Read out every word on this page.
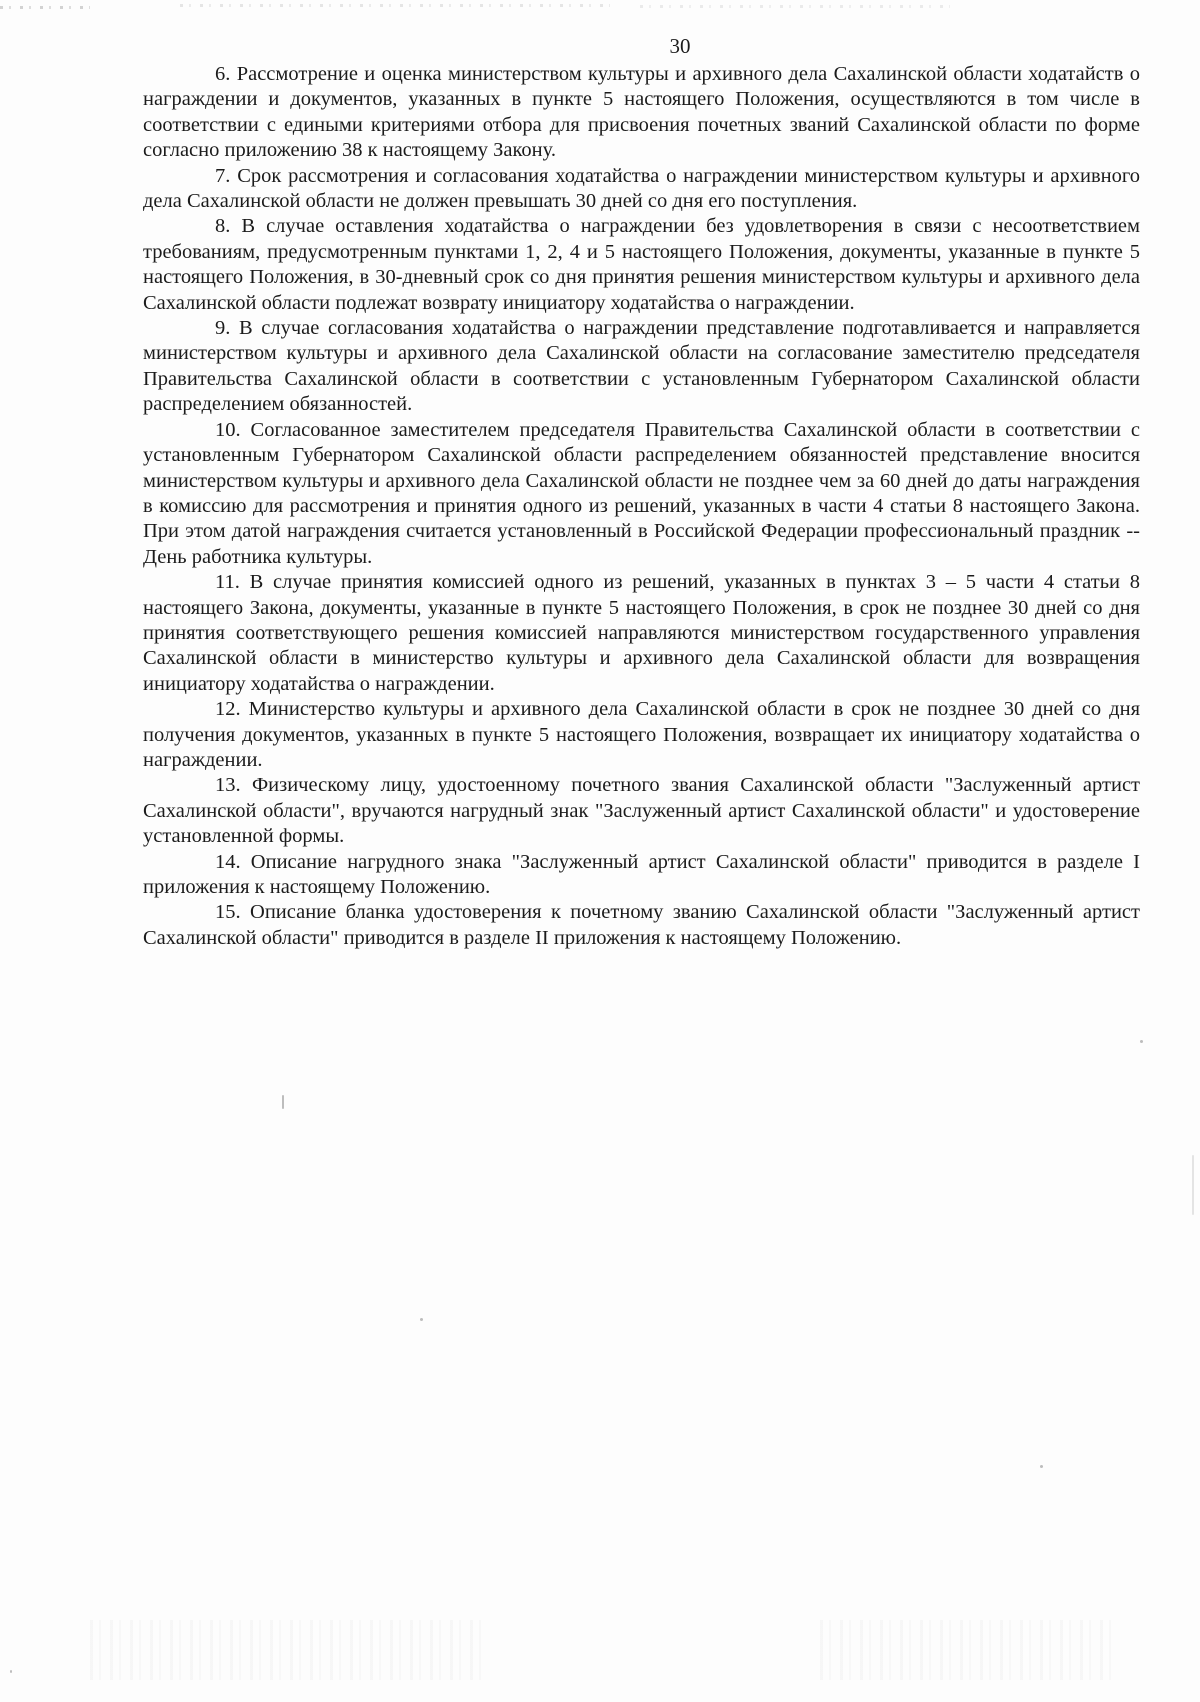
30

6. Рассмотрение и оценка министерством культуры и архивного дела Сахалинской области ходатайств о награждении и документов, указанных в пункте 5 настоящего Положения, осуществляются в том числе в соответствии с едиными критериями отбора для присвоения почетных званий Сахалинской области по форме согласно приложению 38 к настоящему Закону.

7. Срок рассмотрения и согласования ходатайства о награждении министерством культуры и архивного дела Сахалинской области не должен превышать 30 дней со дня его поступления.

8. В случае оставления ходатайства о награждении без удовлетворения в связи с несоответствием требованиям, предусмотренным пунктами 1, 2, 4 и 5 настоящего Положения, документы, указанные в пункте 5 настоящего Положения, в 30-дневный срок со дня принятия решения министерством культуры и архивного дела Сахалинской области подлежат возврату инициатору ходатайства о награждении.

9. В случае согласования ходатайства о награждении представление подготавливается и направляется министерством культуры и архивного дела Сахалинской области на согласование заместителю председателя Правительства Сахалинской области в соответствии с установленным Губернатором Сахалинской области распределением обязанностей.

10. Согласованное заместителем председателя Правительства Сахалинской области в соответствии с установленным Губернатором Сахалинской области распределением обязанностей представление вносится министерством культуры и архивного дела Сахалинской области не позднее чем за 60 дней до даты награждения в комиссию для рассмотрения и принятия одного из решений, указанных в части 4 статьи 8 настоящего Закона. При этом датой награждения считается установленный в Российской Федерации профессиональный праздник -- День работника культуры.

11. В случае принятия комиссией одного из решений, указанных в пунктах 3 – 5 части 4 статьи 8 настоящего Закона, документы, указанные в пункте 5 настоящего Положения, в срок не позднее 30 дней со дня принятия соответствующего решения комиссией направляются министерством государственного управления Сахалинской области в министерство культуры и архивного дела Сахалинской области для возвращения инициатору ходатайства о награждении.

12. Министерство культуры и архивного дела Сахалинской области в срок не позднее 30 дней со дня получения документов, указанных в пункте 5 настоящего Положения, возвращает их инициатору ходатайства о награждении.

13. Физическому лицу, удостоенному почетного звания Сахалинской области "Заслуженный артист Сахалинской области", вручаются нагрудный знак "Заслуженный артист Сахалинской области" и удостоверение установленной формы.

14. Описание нагрудного знака "Заслуженный артист Сахалинской области" приводится в разделе I приложения к настоящему Положению.

15. Описание бланка удостоверения к почетному званию Сахалинской области "Заслуженный артист Сахалинской области" приводится в разделе II приложения к настоящему Положению.
